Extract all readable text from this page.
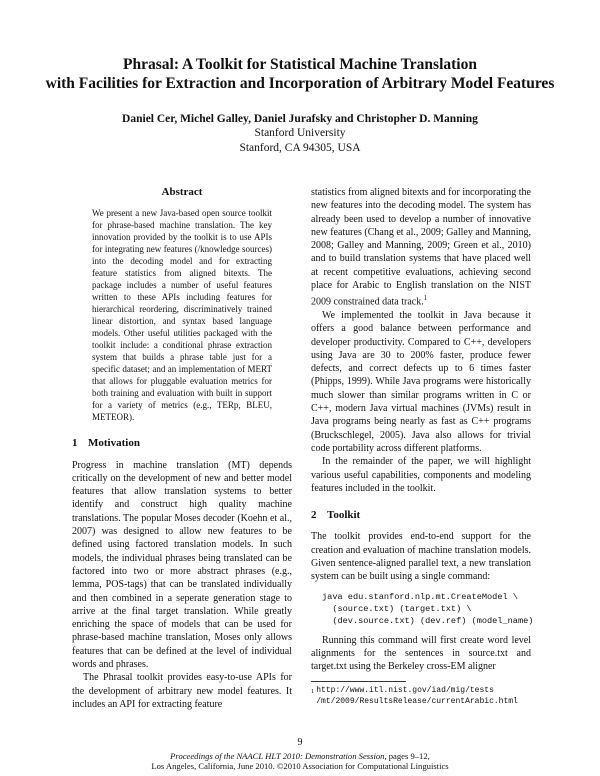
Phrasal: A Toolkit for Statistical Machine Translation
with Facilities for Extraction and Incorporation of Arbitrary Model Features
Daniel Cer, Michel Galley, Daniel Jurafsky and Christopher D. Manning
Stanford University
Stanford, CA 94305, USA
Abstract

We present a new Java-based open source toolkit for phrase-based machine translation. The key innovation provided by the toolkit is to use APIs for integrating new features (/knowledge sources) into the decoding model and for extracting feature statistics from aligned bitexts. The package includes a number of useful features written to these APIs including features for hierarchical reordering, discriminatively trained linear distortion, and syntax based language models. Other useful utilities packaged with the toolkit include: a conditional phrase extraction system that builds a phrase table just for a specific dataset; and an implementation of MERT that allows for pluggable evaluation metrics for both training and evaluation with built in support for a variety of metrics (e.g., TERp, BLEU, METEOR).

1 Motivation

Progress in machine translation (MT) depends critically on the development of new and better model features that allow translation systems to better identify and construct high quality machine translations. The popular Moses decoder (Koehn et al., 2007) was designed to allow new features to be defined using factored translation models. In such models, the individual phrases being translated can be factored into two or more abstract phrases (e.g., lemma, POS-tags) that can be translated individually and then combined in a seperate generation stage to arrive at the final target translation. While greatly enriching the space of models that can be used for phrase-based machine translation, Moses only allows features that can be defined at the level of individual words and phrases.

The Phrasal toolkit provides easy-to-use APIs for the development of arbitrary new model features. It includes an API for extracting feature

statistics from aligned bitexts and for incorporating the new features into the decoding model. The system has already been used to develop a number of innovative new features (Chang et al., 2009; Galley and Manning, 2008; Galley and Manning, 2009; Green et al., 2010) and to build translation systems that have placed well at recent competitive evaluations, achieving second place for Arabic to English translation on the NIST 2009 constrained data track.$^1$

We implemented the toolkit in Java because it offers a good balance between performance and developer productivity. Compared to C++, developers using Java are 30 to 200% faster, produce fewer defects, and correct defects up to 6 times faster (Phipps, 1999). While Java programs were historically much slower than similar programs written in C or C++, modern Java virtual machines (JVMs) result in Java programs being nearly as fast as C++ programs (Bruckschlegel, 2005). Java also allows for trivial code portability across different platforms.

In the remainder of the paper, we will highlight various useful capabilities, components and modeling features included in the toolkit.

2 Toolkit

The toolkit provides end-to-end support for the creation and evaluation of machine translation models. Given sentence-aligned parallel text, a new translation system can be built using a single command:

java edu.stanford.nlp.mt.CreateModel \
(source.txt) (target.txt) \
(dev.source.txt) (dev.ref) (model_name)

Running this command will first create word level alignments for the sentences in source.txt and target.txt using the Berkeley cross-EM aligner

1 http://www.itl.nist.gov/iad/mig/tests
/mt/2009/ResultsRelease/currentArabic.html
9
Proceedings of the NAACL HLT 2010: Demonstration Session, pages 9–12,
Los Angeles, California, June 2010. ©2010 Association for Computational Linguistics
